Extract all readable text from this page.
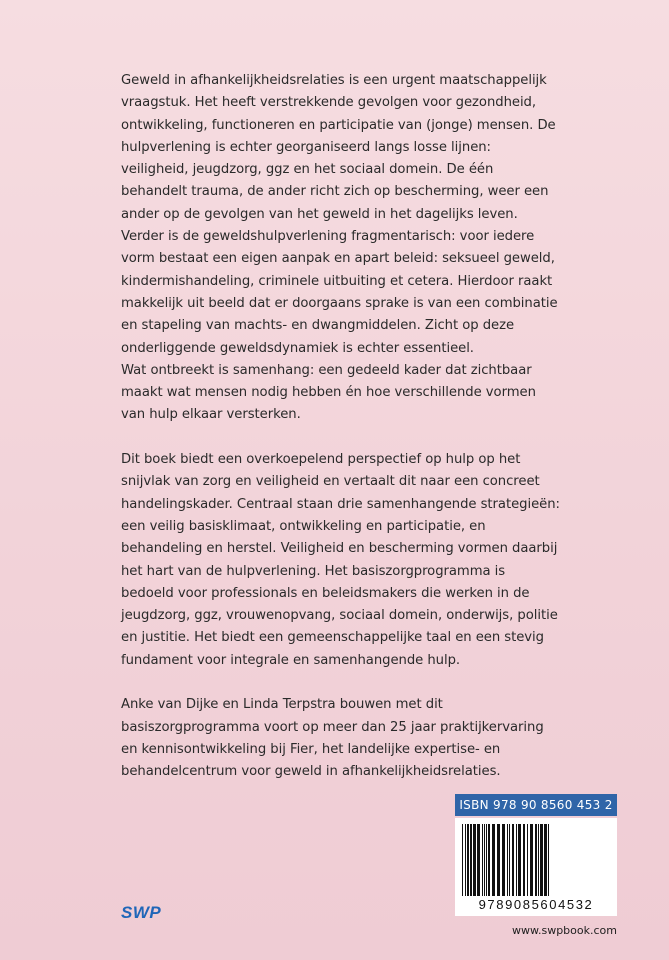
Geweld in afhankelijkheidsrelaties is een urgent maatschappelijk vraagstuk. Het heeft verstrekkende gevolgen voor gezondheid, ontwikkeling, functioneren en participatie van (jonge) mensen. De hulpverlening is echter georganiseerd langs losse lijnen: veiligheid, jeugdzorg, ggz en het sociaal domein. De één behandelt trauma, de ander richt zich op bescherming, weer een ander op de gevolgen van het geweld in het dagelijks leven.

Verder is de geweldshulpverlening fragmentarisch: voor iedere vorm bestaat een eigen aanpak en apart beleid: seksueel geweld, kindermishandeling, criminele uitbuiting et cetera. Hierdoor raakt makkelijk uit beeld dat er doorgaans sprake is van een combinatie en stapeling van machts- en dwangmiddelen. Zicht op deze onderliggende geweldsdynamiek is echter essentieel.

Wat ontbreekt is samenhang: een gedeeld kader dat zichtbaar maakt wat mensen nodig hebben én hoe verschillende vormen van hulp elkaar versterken.

Dit boek biedt een overkoepelend perspectief op hulp op het snijvlak van zorg en veiligheid en vertaalt dit naar een concreet handelingskader. Centraal staan drie samenhangende strategieën: een veilig basisklimaat, ontwikkeling en participatie, en behandeling en herstel. Veiligheid en bescherming vormen daarbij het hart van de hulpverlening. Het basiszorgprogramma is bedoeld voor professionals en beleidsmakers die werken in de jeugdzorg, ggz, vrouwenopvang, sociaal domein, onderwijs, politie en justitie. Het biedt een gemeenschappelijke taal en een stevig fundament voor integrale en samenhangende hulp.

Anke van Dijke en Linda Terpstra bouwen met dit basiszorgprogramma voort op meer dan 25 jaar praktijkervaring en kennisontwikkeling bij Fier, het landelijke expertise- en behandelcentrum voor geweld in afhankelijkheidsrelaties.

ISBN 978 90 8560 453 2
9789085604532
www.swpbook.com
SWP
